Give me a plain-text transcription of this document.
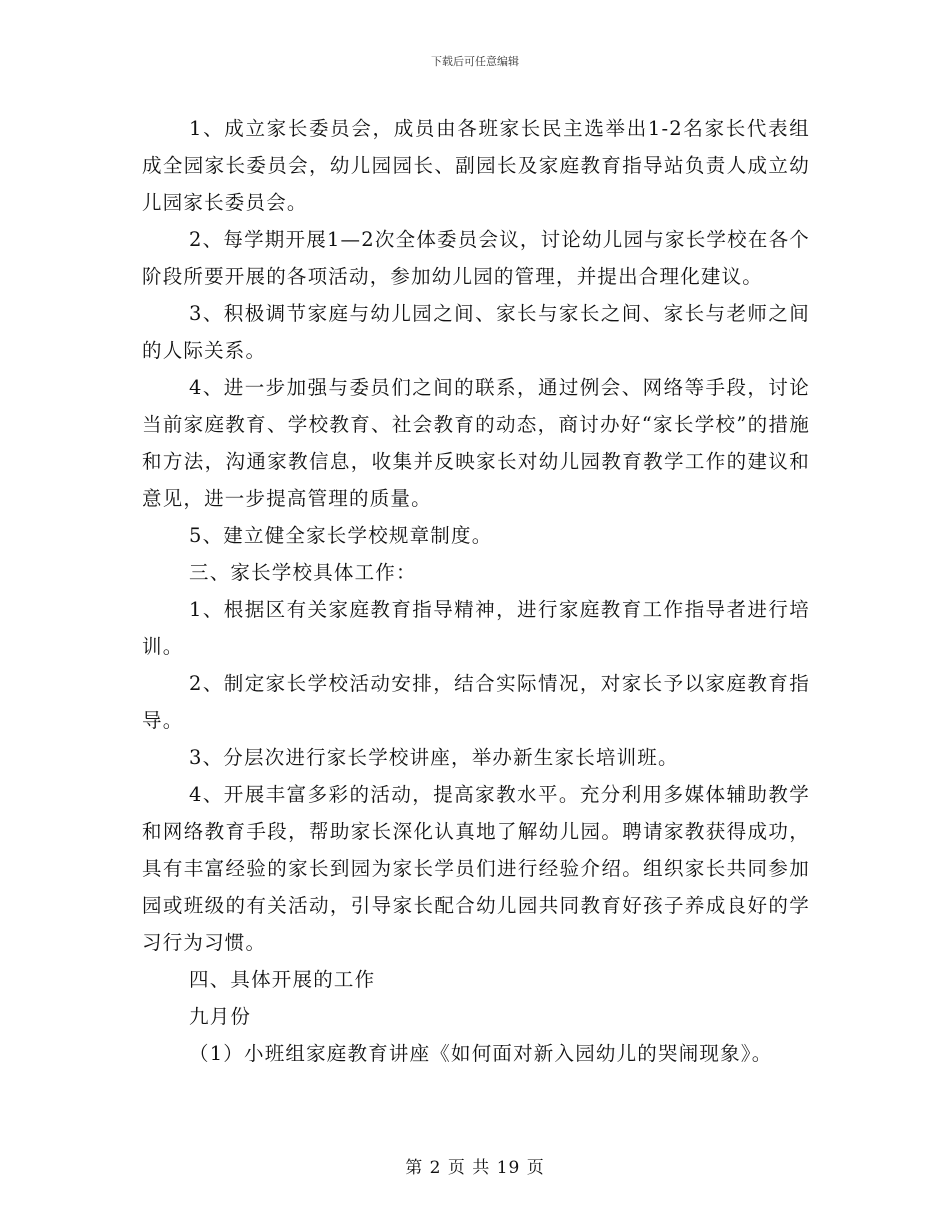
下载后可任意编辑

1、成立家长委员会，成员由各班家长民主选举出1-2名家长代表组成全园家长委员会，幼儿园园长、副园长及家庭教育指导站负责人成立幼儿园家长委员会。

2、每学期开展1—2次全体委员会议，讨论幼儿园与家长学校在各个阶段所要开展的各项活动，参加幼儿园的管理，并提出合理化建议。

3、积极调节家庭与幼儿园之间、家长与家长之间、家长与老师之间的人际关系。

4、进一步加强与委员们之间的联系，通过例会、网络等手段，讨论当前家庭教育、学校教育、社会教育的动态，商讨办好“家长学校”的措施和方法，沟通家教信息，收集并反映家长对幼儿园教育教学工作的建议和意见，进一步提高管理的质量。

5、建立健全家长学校规章制度。

三、家长学校具体工作：

1、根据区有关家庭教育指导精神，进行家庭教育工作指导者进行培训。

2、制定家长学校活动安排，结合实际情况，对家长予以家庭教育指导。

3、分层次进行家长学校讲座，举办新生家长培训班。

4、开展丰富多彩的活动，提高家教水平。充分利用多媒体辅助教学和网络教育手段，帮助家长深化认真地了解幼儿园。聘请家教获得成功，具有丰富经验的家长到园为家长学员们进行经验介绍。组织家长共同参加园或班级的有关活动，引导家长配合幼儿园共同教育好孩子养成良好的学习行为习惯。

四、具体开展的工作

九月份

（1）小班组家庭教育讲座《如何面对新入园幼儿的哭闹现象》。

第 2 页 共 19 页
